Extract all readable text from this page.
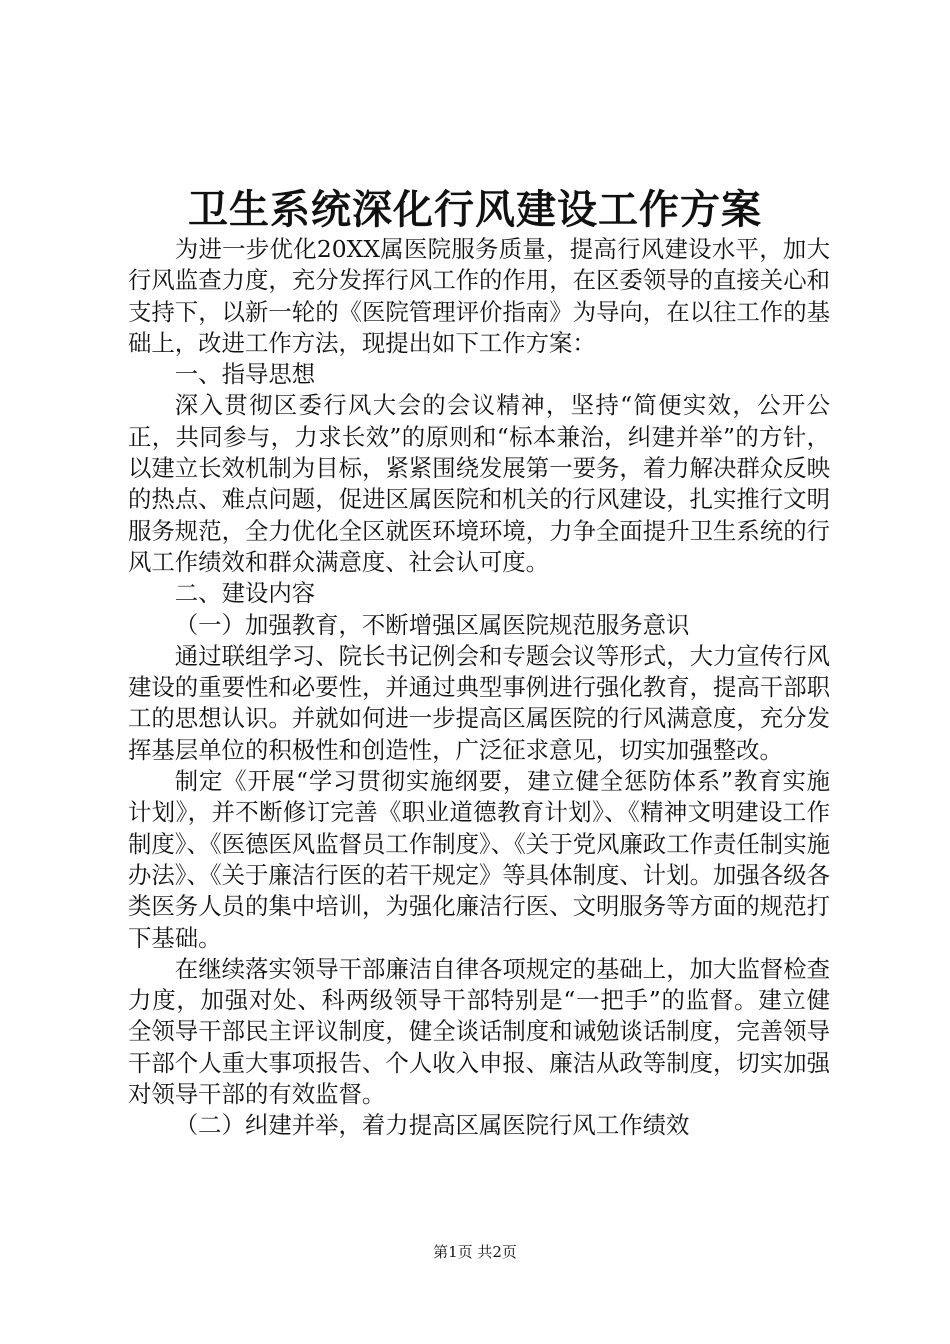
卫生系统深化行风建设工作方案

为进一步优化20XX属医院服务质量，提高行风建设水平，加大行风监查力度，充分发挥行风工作的作用，在区委领导的直接关心和支持下，以新一轮的《医院管理评价指南》为导向，在以往工作的基础上，改进工作方法，现提出如下工作方案：

一、指导思想

深入贯彻区委行风大会的会议精神，坚持“简便实效，公开公正，共同参与，力求长效”的原则和“标本兼治，纠建并举”的方针，以建立长效机制为目标，紧紧围绕发展第一要务，着力解决群众反映的热点、难点问题，促进区属医院和机关的行风建设，扎实推行文明服务规范，全力优化全区就医环境环境，力争全面提升卫生系统的行风工作绩效和群众满意度、社会认可度。

二、建设内容

（一）加强教育，不断增强区属医院规范服务意识

通过联组学习、院长书记例会和专题会议等形式，大力宣传行风建设的重要性和必要性，并通过典型事例进行强化教育，提高干部职工的思想认识。并就如何进一步提高区属医院的行风满意度，充分发挥基层单位的积极性和创造性，广泛征求意见，切实加强整改。

制定《开展“学习贯彻实施纲要，建立健全惩防体系”教育实施计划》，并不断修订完善《职业道德教育计划》、《精神文明建设工作制度》、《医德医风监督员工作制度》、《关于党风廉政工作责任制实施办法》、《关于廉洁行医的若干规定》等具体制度、计划。加强各级各类医务人员的集中培训，为强化廉洁行医、文明服务等方面的规范打下基础。

在继续落实领导干部廉洁自律各项规定的基础上，加大监督检查力度，加强对处、科两级领导干部特别是“一把手”的监督。建立健全领导干部民主评议制度，健全谈话制度和诫勉谈话制度，完善领导干部个人重大事项报告、个人收入申报、廉洁从政等制度，切实加强对领导干部的有效监督。

（二）纠建并举，着力提高区属医院行风工作绩效

第1页 共2页
